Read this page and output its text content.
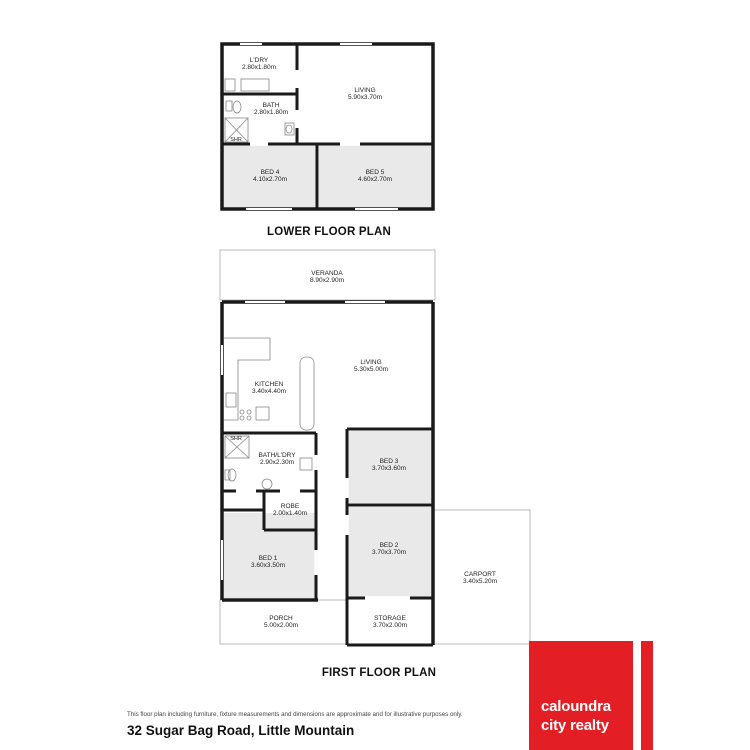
L'DRY
2.80x1.80m
BATH
2.80x1.80m
SHR
LIVING
5.90x3.70m
BED 4
4.10x2.70m
BED 5
4.60x2.70m
LOWER FLOOR PLAN
VERANDA
8.90x2.90m
LIVING
5.30x5.00m
KITCHEN
3.40x4.40m
SHR
BATH/L'DRY
2.90x2.30m
ROBE
2.00x1.40m
BED 1
3.60x3.50m
BED 3
3.70x3.60m
BED 2
3.70x3.70m
CARPORT
3.40x5.20m
PORCH
5.00x2.00m
STORAGE
3.70x2.00m
FIRST FLOOR PLAN
This floor plan including furniture, fixture measurements and dimensions are approximate and for illustrative purposes only.
32 Sugar Bag Road, Little Mountain
caloundra
city realty
